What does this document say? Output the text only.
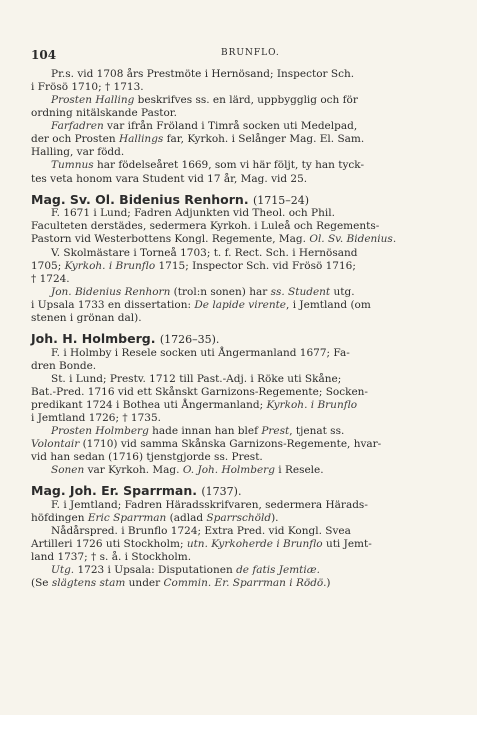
104	BRUNFLO.

Pr.s. vid 1708 års Prestmöte i Hernösand; Inspector Sch.

i Frösö 1710; † 1713.

Prosten Halling beskrifves ss. en lärd, uppbygglig och för

ordning nitälskande Pastor.

Farfadren var ifrån Fröland i Timrå socken uti Medelpad,

der och Prosten Hallings far, Kyrkoh. i Selånger Mag. El. Sam.

Halling, var född.

Tumnus har födelseåret 1669, som vi här följt, ty han tyck-

tes veta honom vara Student vid 17 år, Mag. vid 25.

Mag. Sv. Ol. Bidenius Renhorn. (1715–24)

F. 1671 i Lund; Fadren Adjunkten vid Theol. och Phil.

Faculteten derstädes, sedermera Kyrkoh. i Luleå och Regements-

Pastorn vid Westerbottens Kongl. Regemente, Mag. Ol. Sv. Bidenius.

V. Skolmästare i Torneå 1703; t. f. Rect. Sch. i Hernösand

1705; Kyrkoh. i Brunflo 1715; Inspector Sch. vid Frösö 1716;

† 1724.

Jon. Bidenius Renhorn (trol:n sonen) har ss. Student utg.

i Upsala 1733 en dissertation: De lapide virente, i Jemtland (om

stenen i grönan dal).

Joh. H. Holmberg. (1726–35).

F. i Holmby i Resele socken uti Ångermanland 1677; Fa-

dren Bonde.

St. i Lund; Prestv. 1712 till Past.-Adj. i Röke uti Skåne;

Bat.-Pred. 1716 vid ett Skånskt Garnizons-Regemente; Socken-

predikant 1724 i Bothea uti Ångermanland; Kyrkoh. i Brunflo

i Jemtland 1726; † 1735.

Prosten Holmberg hade innan han blef Prest, tjenat ss.

Volontair (1710) vid samma Skånska Garnizons-Regemente, hvar-

vid han sedan (1716) tjenstgjorde ss. Prest.

Sonen var Kyrkoh. Mag. O. Joh. Holmberg i Resele.

Mag. Joh. Er. Sparrman. (1737).

F. i Jemtland; Fadren Häradsskrifvaren, sedermera Härads-

höfdingen Eric Sparrman (adlad Sparrschöld).

Nådårspred. i Brunflo 1724; Extra Pred. vid Kongl. Svea

Artilleri 1726 uti Stockholm; utn. Kyrkoherde i Brunflo uti Jemt-

land 1737; † s. å. i Stockholm.

Utg. 1723 i Upsala: Disputationen de fatis Jemtiæ.

(Se slägtens stam under Commin. Er. Sparrman i Rödö.)
